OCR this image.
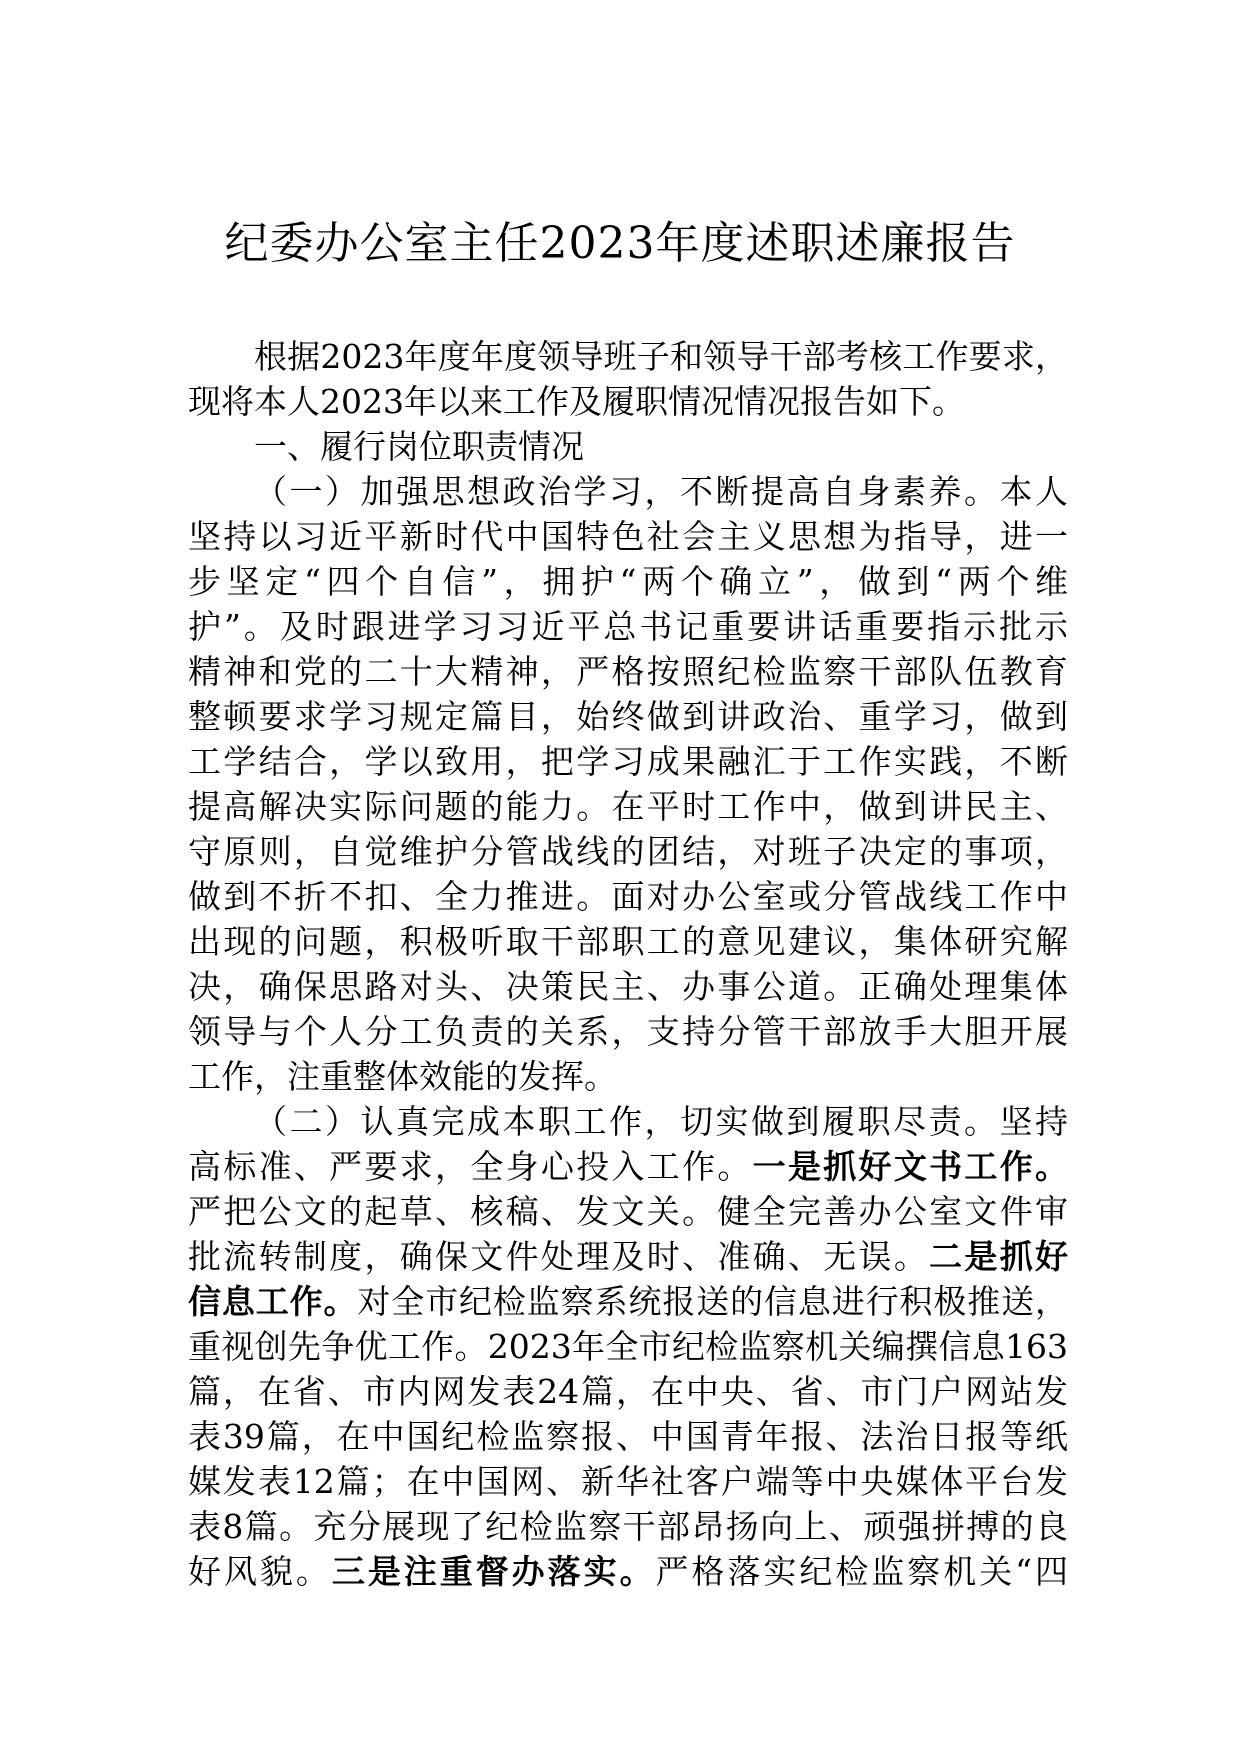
纪委办公室主任2023年度述职述廉报告
根据2023年度年度领导班子和领导干部考核工作要求，
现将本人2023年以来工作及履职情况情况报告如下。
一、履行岗位职责情况
（一）加强思想政治学习，不断提高自身素养。本人
坚持以习近平新时代中国特色社会主义思想为指导，进一
步坚定“四个自信”，拥护“两个确立”，做到“两个维
护”。及时跟进学习习近平总书记重要讲话重要指示批示
精神和党的二十大精神，严格按照纪检监察干部队伍教育
整顿要求学习规定篇目，始终做到讲政治、重学习，做到
工学结合，学以致用，把学习成果融汇于工作实践，不断
提高解决实际问题的能力。在平时工作中，做到讲民主、
守原则，自觉维护分管战线的团结，对班子决定的事项，
做到不折不扣、全力推进。面对办公室或分管战线工作中
出现的问题，积极听取干部职工的意见建议，集体研究解
决，确保思路对头、决策民主、办事公道。正确处理集体
领导与个人分工负责的关系，支持分管干部放手大胆开展
工作，注重整体效能的发挥。
（二）认真完成本职工作，切实做到履职尽责。坚持
高标准、严要求，全身心投入工作。一是抓好文书工作。
严把公文的起草、核稿、发文关。健全完善办公室文件审
批流转制度，确保文件处理及时、准确、无误。二是抓好
信息工作。对全市纪检监察系统报送的信息进行积极推送，
重视创先争优工作。2023年全市纪检监察机关编撰信息163
篇，在省、市内网发表24篇，在中央、省、市门户网站发
表39篇，在中国纪检监察报、中国青年报、法治日报等纸
媒发表12篇；在中国网、新华社客户端等中央媒体平台发
表8篇。充分展现了纪检监察干部昂扬向上、顽强拼搏的良
好风貌。三是注重督办落实。严格落实纪检监察机关“四
